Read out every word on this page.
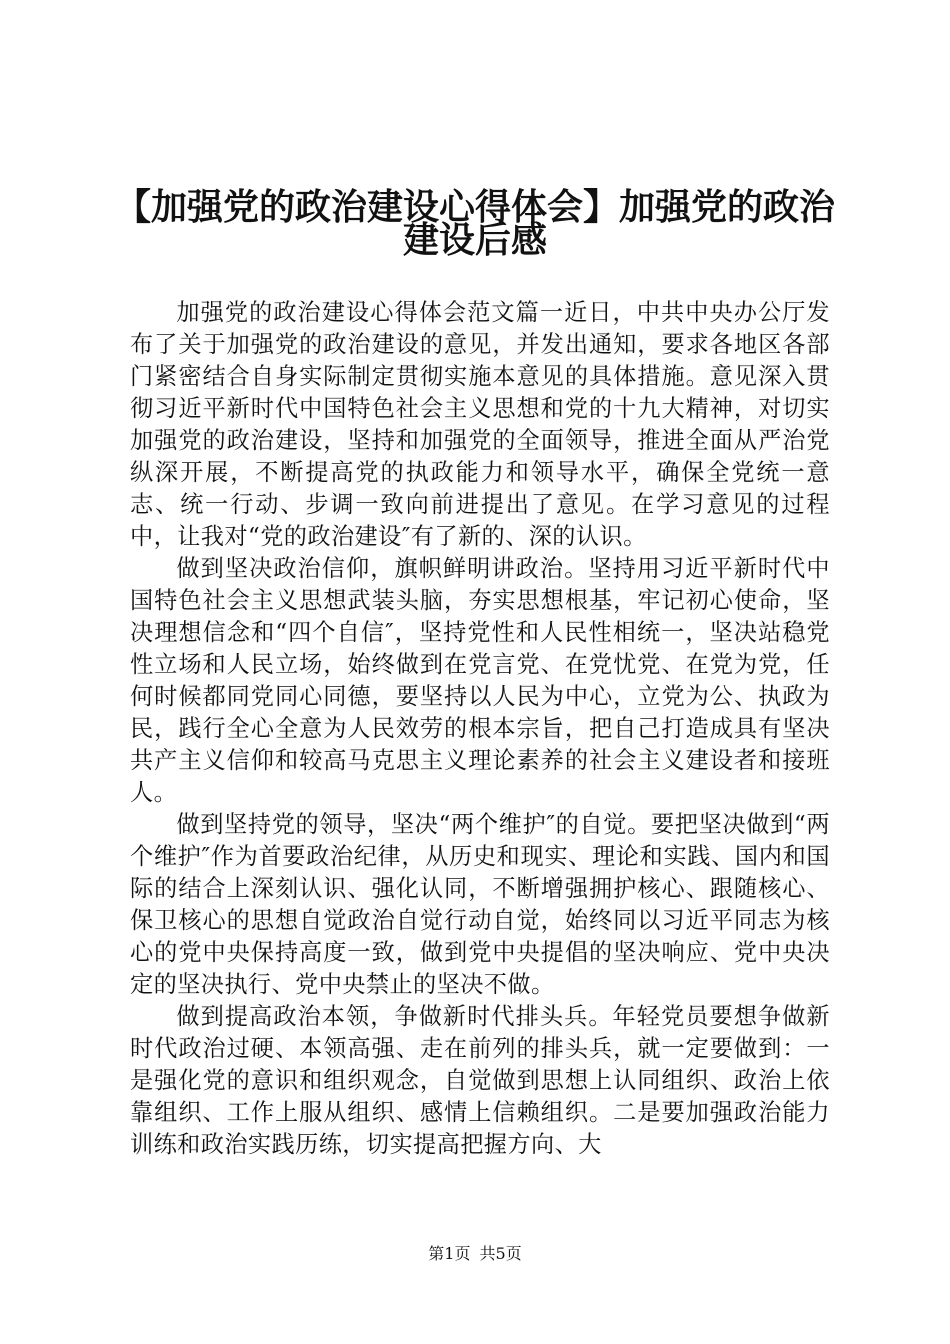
【加强党的政治建设心得体会】加强党的政治
建设后感

加强党的政治建设心得体会范文篇一近日，中共中央办公厅发布了关于加强党的政治建设的意见，并发出通知，要求各地区各部门紧密结合自身实际制定贯彻实施本意见的具体措施。意见深入贯彻习近平新时代中国特色社会主义思想和党的十九大精神，对切实加强党的政治建设，坚持和加强党的全面领导，推进全面从严治党纵深开展，不断提高党的执政能力和领导水平，确保全党统一意志、统一行动、步调一致向前进提出了意见。在学习意见的过程中，让我对“党的政治建设″有了新的、深的认识。

做到坚决政治信仰，旗帜鲜明讲政治。坚持用习近平新时代中国特色社会主义思想武装头脑，夯实思想根基，牢记初心使命，坚决理想信念和“四个自信″，坚持党性和人民性相统一，坚决站稳党性立场和人民立场，始终做到在党言党、在党忧党、在党为党，任何时候都同党同心同德，要坚持以人民为中心，立党为公、执政为民，践行全心全意为人民效劳的根本宗旨，把自己打造成具有坚决共产主义信仰和较高马克思主义理论素养的社会主义建设者和接班人。

做到坚持党的领导，坚决“两个维护″的自觉。要把坚决做到“两个维护″作为首要政治纪律，从历史和现实、理论和实践、国内和国际的结合上深刻认识、强化认同，不断增强拥护核心、跟随核心、保卫核心的思想自觉政治自觉行动自觉，始终同以习近平同志为核心的党中央保持高度一致，做到党中央提倡的坚决响应、党中央决定的坚决执行、党中央禁止的坚决不做。

做到提高政治本领，争做新时代排头兵。年轻党员要想争做新时代政治过硬、本领高强、走在前列的排头兵，就一定要做到：一是强化党的意识和组织观念，自觉做到思想上认同组织、政治上依靠组织、工作上服从组织、感情上信赖组织。二是要加强政治能力训练和政治实践历练，切实提高把握方向、大

第1页 共5页
